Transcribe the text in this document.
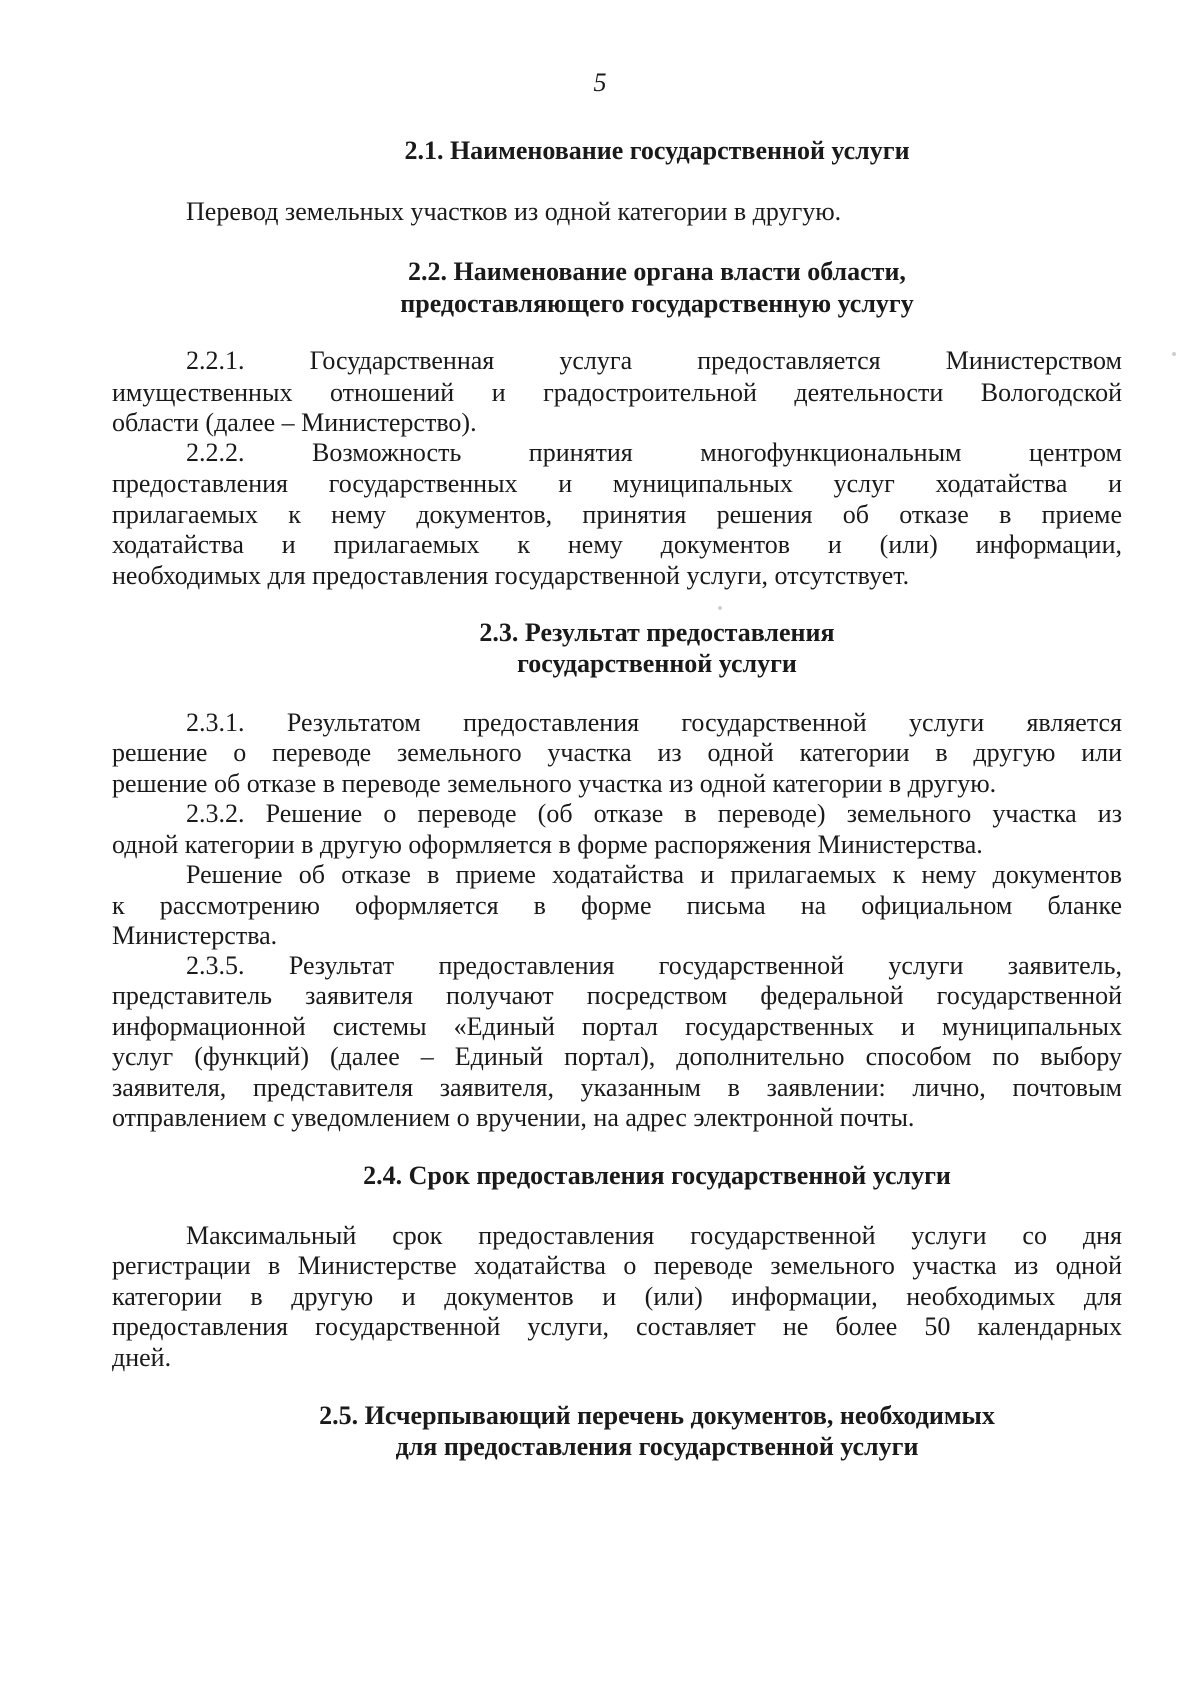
5
2.1. Наименование государственной услуги
Перевод земельных участков из одной категории в другую.
2.2. Наименование органа власти области,
предоставляющего государственную услугу
2.2.1. Государственная услуга предоставляется Министерством
имущественных отношений и градостроительной деятельности Вологодской
области (далее – Министерство).
2.2.2. Возможность принятия многофункциональным центром
предоставления государственных и муниципальных услуг ходатайства и
прилагаемых к нему документов, принятия решения об отказе в приеме
ходатайства и прилагаемых к нему документов и (или) информации,
необходимых для предоставления государственной услуги, отсутствует.
2.3. Результат предоставления
государственной услуги
2.3.1. Результатом предоставления государственной услуги является
решение о переводе земельного участка из одной категории в другую или
решение об отказе в переводе земельного участка из одной категории в другую.
2.3.2. Решение о переводе (об отказе в переводе) земельного участка из
одной категории в другую оформляется в форме распоряжения Министерства.
Решение об отказе в приеме ходатайства и прилагаемых к нему документов
к рассмотрению оформляется в форме письма на официальном бланке
Министерства.
2.3.5. Результат предоставления государственной услуги заявитель,
представитель заявителя получают посредством федеральной государственной
информационной системы «Единый портал государственных и муниципальных
услуг (функций) (далее – Единый портал), дополнительно способом по выбору
заявителя, представителя заявителя, указанным в заявлении: лично, почтовым
отправлением с уведомлением о вручении, на адрес электронной почты.
2.4. Срок предоставления государственной услуги
Максимальный срок предоставления государственной услуги со дня
регистрации в Министерстве ходатайства о переводе земельного участка из одной
категории в другую и документов и (или) информации, необходимых для
предоставления государственной услуги, составляет не более 50 календарных
дней.
2.5. Исчерпывающий перечень документов, необходимых
для предоставления государственной услуги
